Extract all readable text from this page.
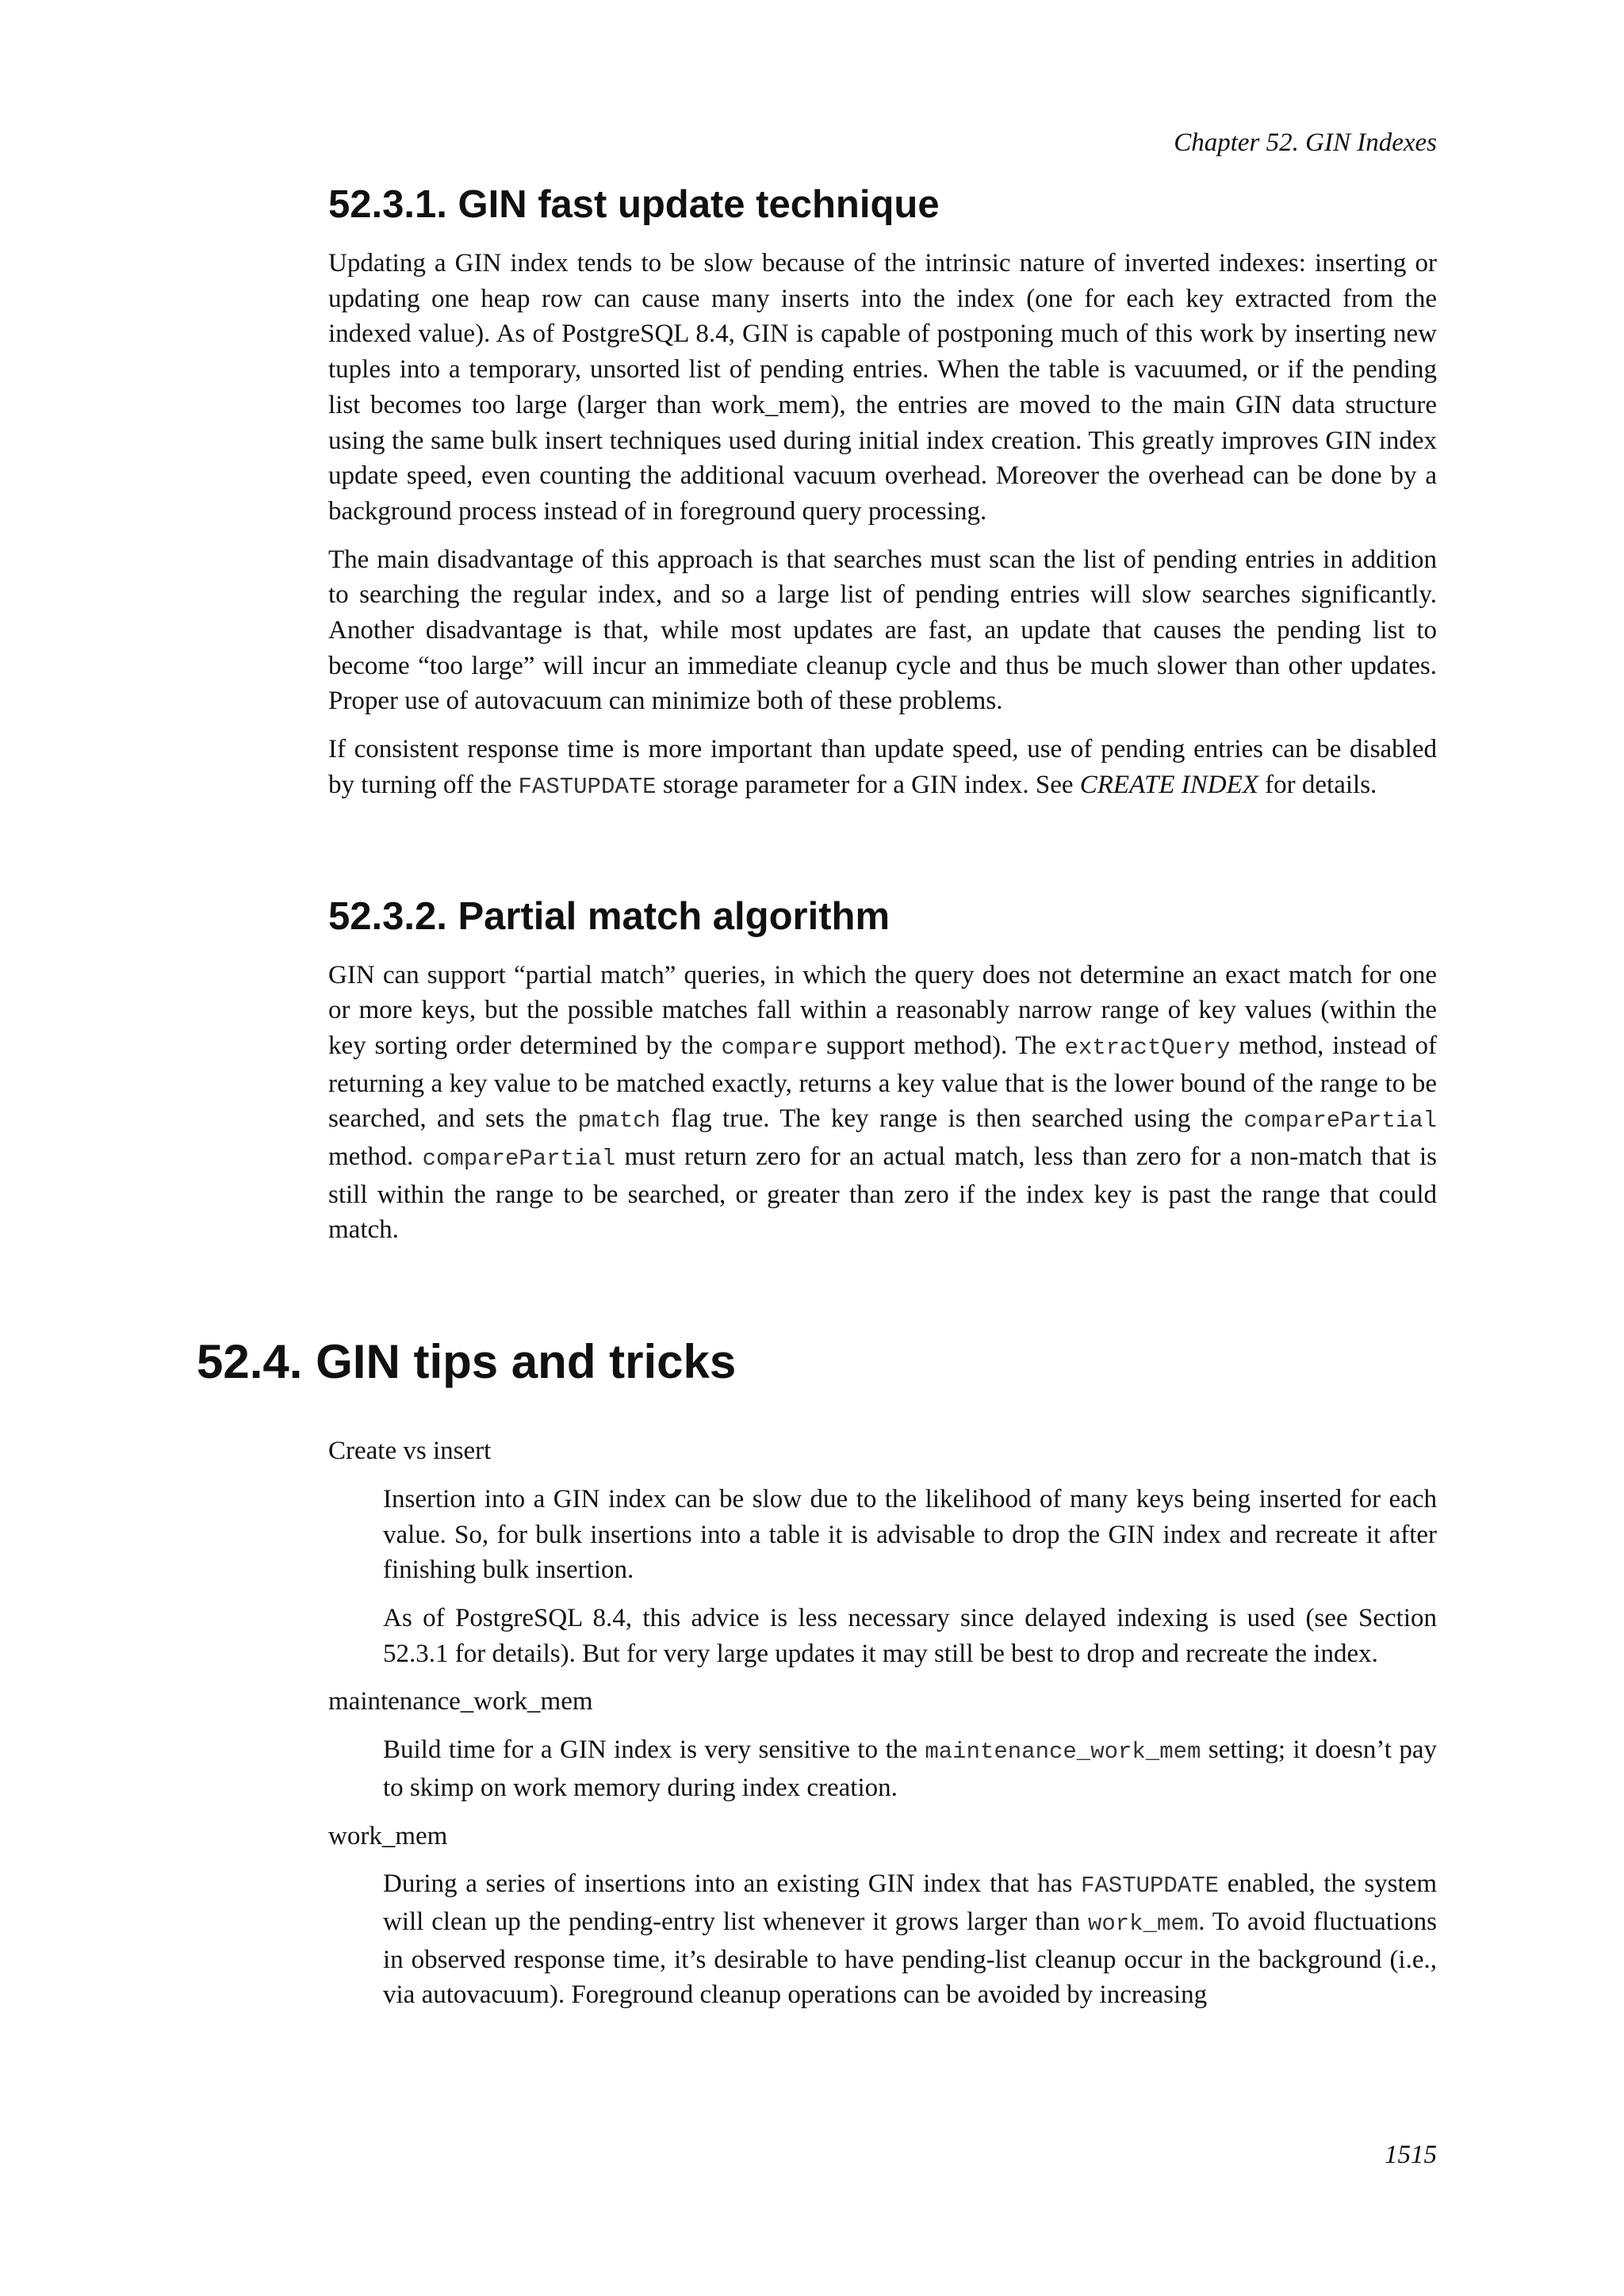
Chapter 52. GIN Indexes
52.3.1. GIN fast update technique

Updating a GIN index tends to be slow because of the intrinsic nature of inverted indexes: inserting or updating one heap row can cause many inserts into the index (one for each key extracted from the indexed value). As of PostgreSQL 8.4, GIN is capable of postponing much of this work by inserting new tuples into a temporary, unsorted list of pending entries. When the table is vacuumed, or if the pending list becomes too large (larger than work_mem), the entries are moved to the main GIN data structure using the same bulk insert techniques used during initial index creation. This greatly improves GIN index update speed, even counting the additional vacuum overhead. Moreover the overhead can be done by a background process instead of in foreground query processing.

The main disadvantage of this approach is that searches must scan the list of pending entries in addition to searching the regular index, and so a large list of pending entries will slow searches significantly. Another disadvantage is that, while most updates are fast, an update that causes the pending list to become “too large” will incur an immediate cleanup cycle and thus be much slower than other updates. Proper use of autovacuum can minimize both of these problems.

If consistent response time is more important than update speed, use of pending entries can be disabled by turning off the FASTUPDATE storage parameter for a GIN index. See CREATE INDEX for details.

52.3.2. Partial match algorithm

GIN can support “partial match” queries, in which the query does not determine an exact match for one or more keys, but the possible matches fall within a reasonably narrow range of key values (within the key sorting order determined by the compare support method). The extractQuery method, instead of returning a key value to be matched exactly, returns a key value that is the lower bound of the range to be searched, and sets the pmatch flag true. The key range is then searched using the comparePartial method. comparePartial must return zero for an actual match, less than zero for a non-match that is still within the range to be searched, or greater than zero if the index key is past the range that could match.

52.4. GIN tips and tricks
Create vs insert

Insertion into a GIN index can be slow due to the likelihood of many keys being inserted for each value. So, for bulk insertions into a table it is advisable to drop the GIN index and recreate it after finishing bulk insertion.

As of PostgreSQL 8.4, this advice is less necessary since delayed indexing is used (see Section 52.3.1 for details). But for very large updates it may still be best to drop and recreate the index.

maintenance_work_mem

Build time for a GIN index is very sensitive to the maintenance_work_mem setting; it doesn’t pay to skimp on work memory during index creation.

work_mem

During a series of insertions into an existing GIN index that has FASTUPDATE enabled, the system will clean up the pending-entry list whenever it grows larger than work_mem. To avoid fluctuations in observed response time, it’s desirable to have pending-list cleanup occur in the background (i.e., via autovacuum). Foreground cleanup operations can be avoided by increasing

1515
